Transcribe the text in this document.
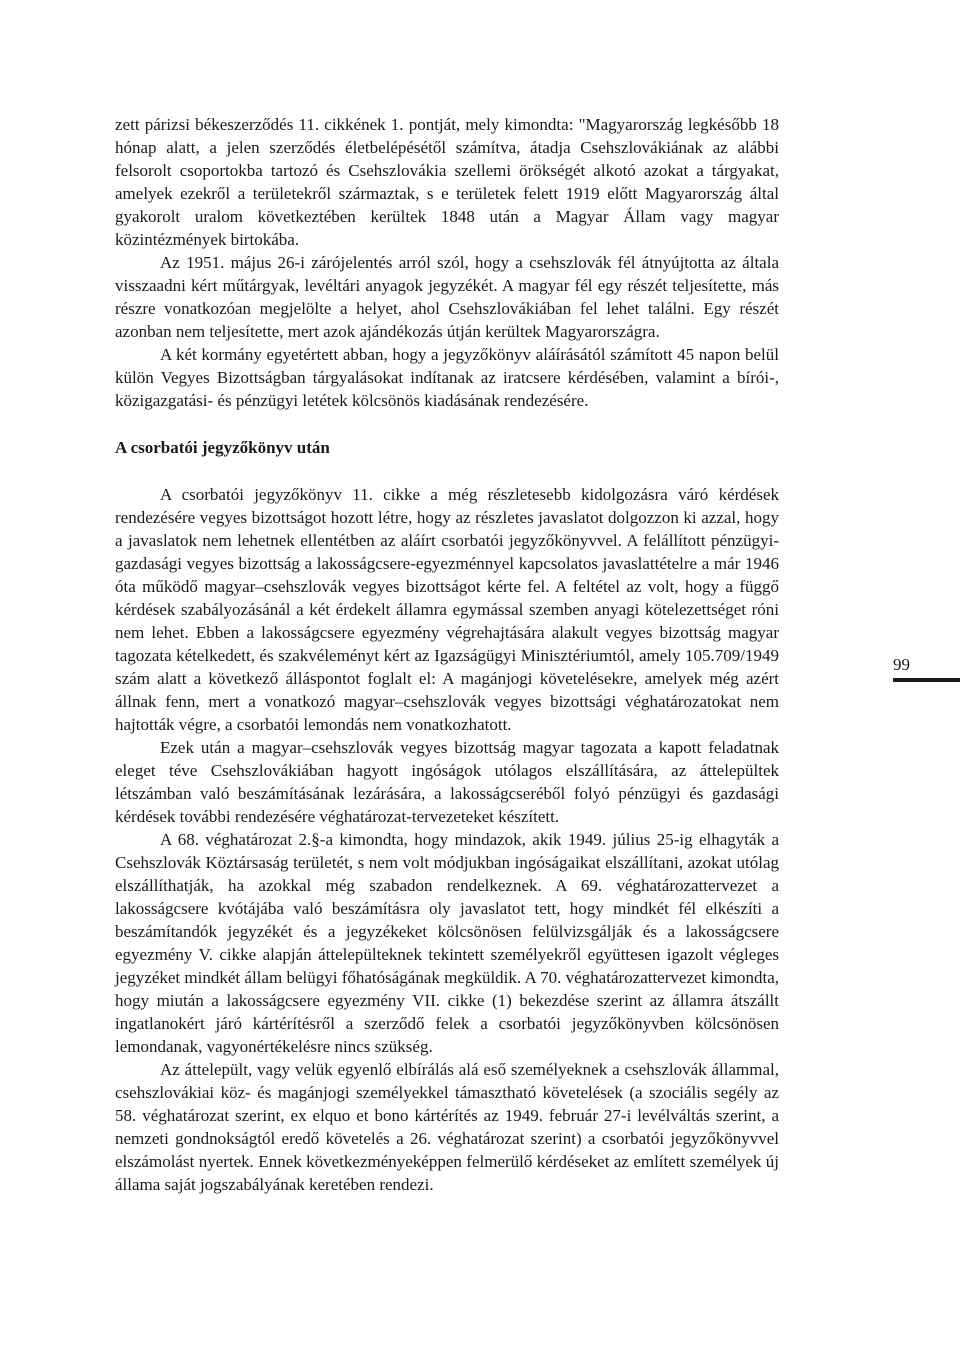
zett párizsi békeszerződés 11. cikkének 1. pontját, mely kimondta: "Magyarország legkésőbb 18 hónap alatt, a jelen szerződés életbelépésétől számítva, átadja Csehszlovákiának az alábbi felsorolt csoportokba tartozó és Csehszlovákia szellemi örökségét alkotó azokat a tárgyakat, amelyek ezekről a területekről származtak, s e területek felett 1919 előtt Magyarország által gyakorolt uralom következtében kerültek 1848 után a Magyar Állam vagy magyar közintézmények birtokába.

Az 1951. május 26-i zárójelentés arról szól, hogy a csehszlovák fél átnyújtotta az általa visszaadni kért műtárgyak, levéltári anyagok jegyzékét. A magyar fél egy részét teljesítette, más részre vonatkozóan megjelölte a helyet, ahol Csehszlovákiában fel lehet találni. Egy részét azonban nem teljesítette, mert azok ajándékozás útján kerültek Magyarországra.

A két kormány egyetértett abban, hogy a jegyzőkönyv aláírásától számított 45 napon belül külön Vegyes Bizottságban tárgyalásokat indítanak az iratcsere kérdésében, valamint a bírói-, közigazgatási- és pénzügyi letétek kölcsönös kiadásának rendezésére.

A csorbatói jegyzőkönyv után

A csorbatói jegyzőkönyv 11. cikke a még részletesebb kidolgozásra váró kérdések rendezésére vegyes bizottságot hozott létre, hogy az részletes javaslatot dolgozzon ki azzal, hogy a javaslatok nem lehetnek ellentétben az aláírt csorbatói jegyzőkönyvvel. A felállított pénzügyi-gazdasági vegyes bizottság a lakosságcsere-egyezménnyel kapcsolatos javaslattételre a már 1946 óta működő magyar–csehszlovák vegyes bizottságot kérte fel. A feltétel az volt, hogy a függő kérdések szabályozásánál a két érdekelt államra egymással szemben anyagi kötelezettséget róni nem lehet. Ebben a lakosságcsere egyezmény végrehajtására alakult vegyes bizottság magyar tagozata kételkedett, és szakvéleményt kért az Igazságügyi Minisztériumtól, amely 105.709/1949 szám alatt a következő álláspontot foglalt el: A magánjogi követelésekre, amelyek még azért állnak fenn, mert a vonatkozó magyar–csehszlovák vegyes bizottsági véghatározatokat nem hajtották végre, a csorbatói lemondás nem vonatkozhatott.

Ezek után a magyar–csehszlovák vegyes bizottság magyar tagozata a kapott feladatnak eleget téve Csehszlovákiában hagyott ingóságok utólagos elszállítására, az áttelepültek létszámban való beszámításának lezárására, a lakosságcseréből folyó pénzügyi és gazdasági kérdések további rendezésére véghatározat-tervezeteket készített.

A 68. véghatározat 2.§-a kimondta, hogy mindazok, akik 1949. július 25-ig elhagyták a Csehszlovák Köztársaság területét, s nem volt módjukban ingóságaikat elszállítani, azokat utólag elszállíthatják, ha azokkal még szabadon rendelkeznek. A 69. véghatározattervezet a lakosságcsere kvótájába való beszámításra oly javaslatot tett, hogy mindkét fél elkészíti a beszámítandók jegyzékét és a jegyzékeket kölcsönösen felülvizsgálják és a lakosságcsere egyezmény V. cikke alapján áttelepülteknek tekintett személyekről együttesen igazolt végleges jegyzéket mindkét állam belügyi főhatóságának megküldik. A 70. véghatározattervezet kimondta, hogy miután a lakosságcsere egyezmény VII. cikke (1) bekezdése szerint az államra átszállt ingatlanokért járó kártérítésről a szerződő felek a csorbatói jegyzőkönyvben kölcsönösen lemondanak, vagyonértékelésre nincs szükség.

Az áttelepült, vagy velük egyenlő elbírálás alá eső személyeknek a csehszlovák állammal, csehszlovákiai köz- és magánjogi személyekkel támasztható követelések (a szociális segély az 58. véghatározat szerint, ex elquo et bono kártérítés az 1949. február 27-i levélváltás szerint, a nemzeti gondnokságtól eredő követelés a 26. véghatározat szerint) a csorbatói jegyzőkönyvvel elszámolást nyertek. Ennek következményeképpen felmerülő kérdéseket az említett személyek új állama saját jogszabályának keretében rendezi.

99
